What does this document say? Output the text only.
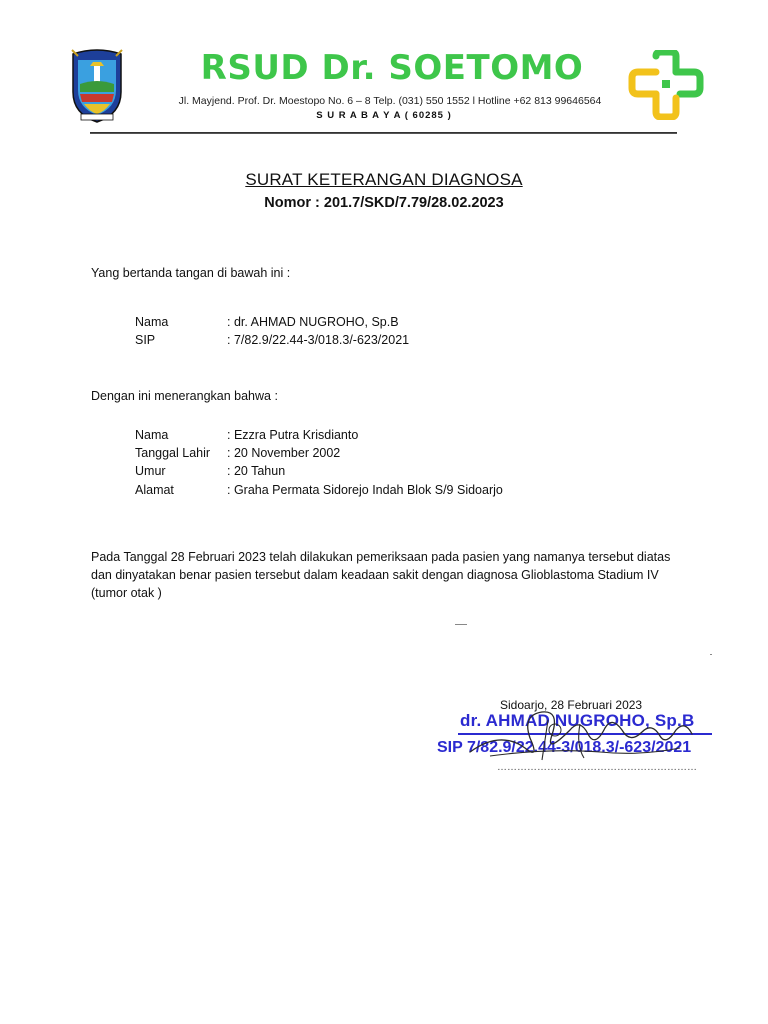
RSUD Dr. SOETOMO
Jl. Mayjend. Prof. Dr. Moestopo No. 6 – 8 Telp. (031) 550 1552 l Hotline +62 813 99646564
S U R A B A Y A ( 60285 )
SURAT KETERANGAN DIAGNOSA
Nomor : 201.7/SKD/7.79/28.02.2023
Yang bertanda tangan di bawah ini :
Nama	: dr. AHMAD NUGROHO, Sp.B
SIP	: 7/82.9/22.44-3/018.3/-623/2021
Dengan ini menerangkan bahwa :
Nama	: Ezzra Putra Krisdianto
Tanggal Lahir : 20 November 2002
Umur	: 20 Tahun
Alamat	: Graha Permata Sidorejo Indah Blok S/9 Sidoarjo
Pada Tanggal 28 Februari 2023 telah dilakukan pemeriksaan pada pasien yang namanya tersebut diatas dan dinyatakan benar pasien tersebut dalam keadaan sakit dengan diagnosa Glioblastoma Stadium IV (tumor otak )
Sidoarjo, 28 Februari 2023
dr. AHMAD NUGROHO, Sp.B
SIP 7/82.9/22.44-3/018.3/-623/2021
……………………………………………………
